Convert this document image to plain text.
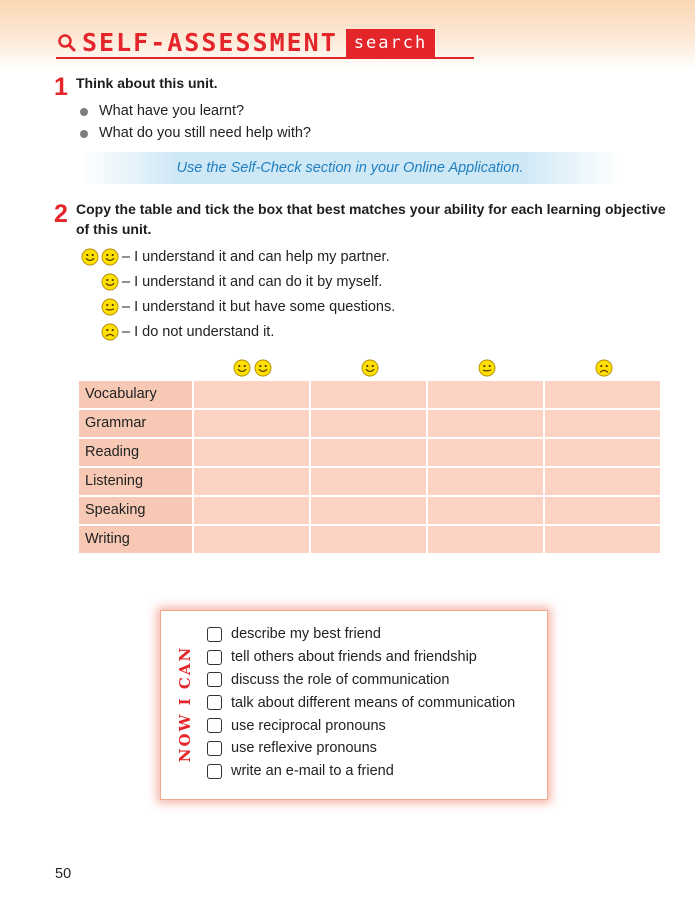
SELF-ASSESSMENT search
1 Think about this unit.
What have you learnt?
What do you still need help with?
Use the Self-Check section in your Online Application.
2 Copy the table and tick the box that best matches your ability for each learning objective
of this unit.
– I understand it and can help my partner.
– I understand it and can do it by myself.
– I understand it but have some questions.
– I do not understand it.
Vocabulary
Grammar
Reading
Listening
Speaking
Writing
NOW I CAN
describe my best friend
tell others about friends and friendship
discuss the role of communication
talk about different means of communication
use reciprocal pronouns
use reflexive pronouns
write an e-mail to a friend
50
